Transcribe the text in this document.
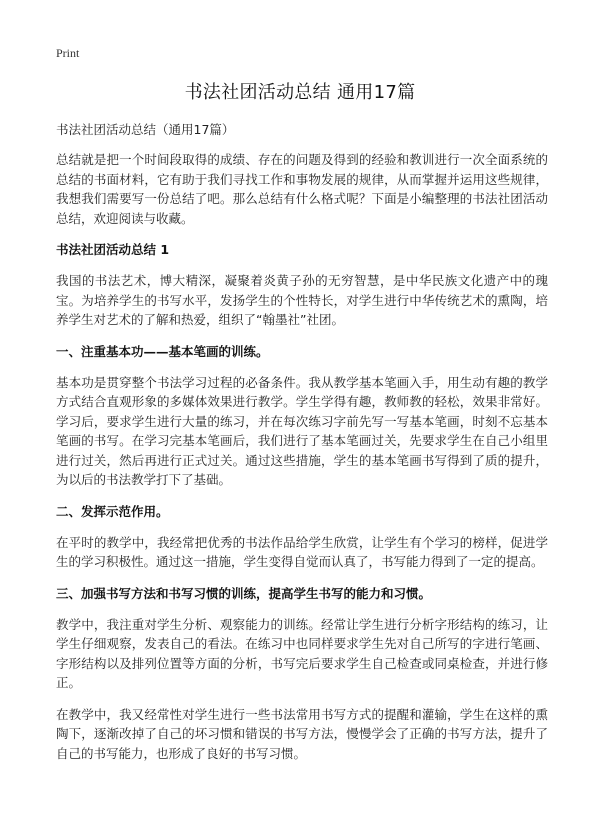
Print
书法社团活动总结 通用17篇

书法社团活动总结（通用17篇）

总结就是把一个时间段取得的成绩、存在的问题及得到的经验和教训进行一次全面系统的总结的书面材料，它有助于我们寻找工作和事物发展的规律，从而掌握并运用这些规律，我想我们需要写一份总结了吧。那么总结有什么格式呢？下面是小编整理的书法社团活动总结，欢迎阅读与收藏。

书法社团活动总结 1

我国的书法艺术，博大精深，凝聚着炎黄子孙的无穷智慧，是中华民族文化遗产中的瑰宝。为培养学生的书写水平，发扬学生的个性特长，对学生进行中华传统艺术的熏陶，培养学生对艺术的了解和热爱，组织了“翰墨社”社团。

一、注重基本功——基本笔画的训练。

基本功是贯穿整个书法学习过程的必备条件。我从教学基本笔画入手，用生动有趣的教学方式结合直观形象的多媒体效果进行教学。学生学得有趣，教师教的轻松，效果非常好。学习后，要求学生进行大量的练习，并在每次练习字前先写一写基本笔画，时刻不忘基本笔画的书写。在学习完基本笔画后，我们进行了基本笔画过关，先要求学生在自己小组里进行过关，然后再进行正式过关。通过这些措施，学生的基本笔画书写得到了质的提升，为以后的书法教学打下了基础。

二、发挥示范作用。

在平时的教学中，我经常把优秀的书法作品给学生欣赏，让学生有个学习的榜样，促进学生的学习积极性。通过这一措施，学生变得自觉而认真了，书写能力得到了一定的提高。

三、加强书写方法和书写习惯的训练，提高学生书写的能力和习惯。

教学中，我注重对学生分析、观察能力的训练。经常让学生进行分析字形结构的练习，让学生仔细观察，发表自己的看法。在练习中也同样要求学生先对自己所写的字进行笔画、字形结构以及排列位置等方面的分析，书写完后要求学生自己检查或同桌检查，并进行修正。

在教学中，我又经常性对学生进行一些书法常用书写方式的提醒和灌输，学生在这样的熏陶下，逐渐改掉了自己的坏习惯和错误的书写方法，慢慢学会了正确的书写方法，提升了自己的书写能力，也形成了良好的书写习惯。
